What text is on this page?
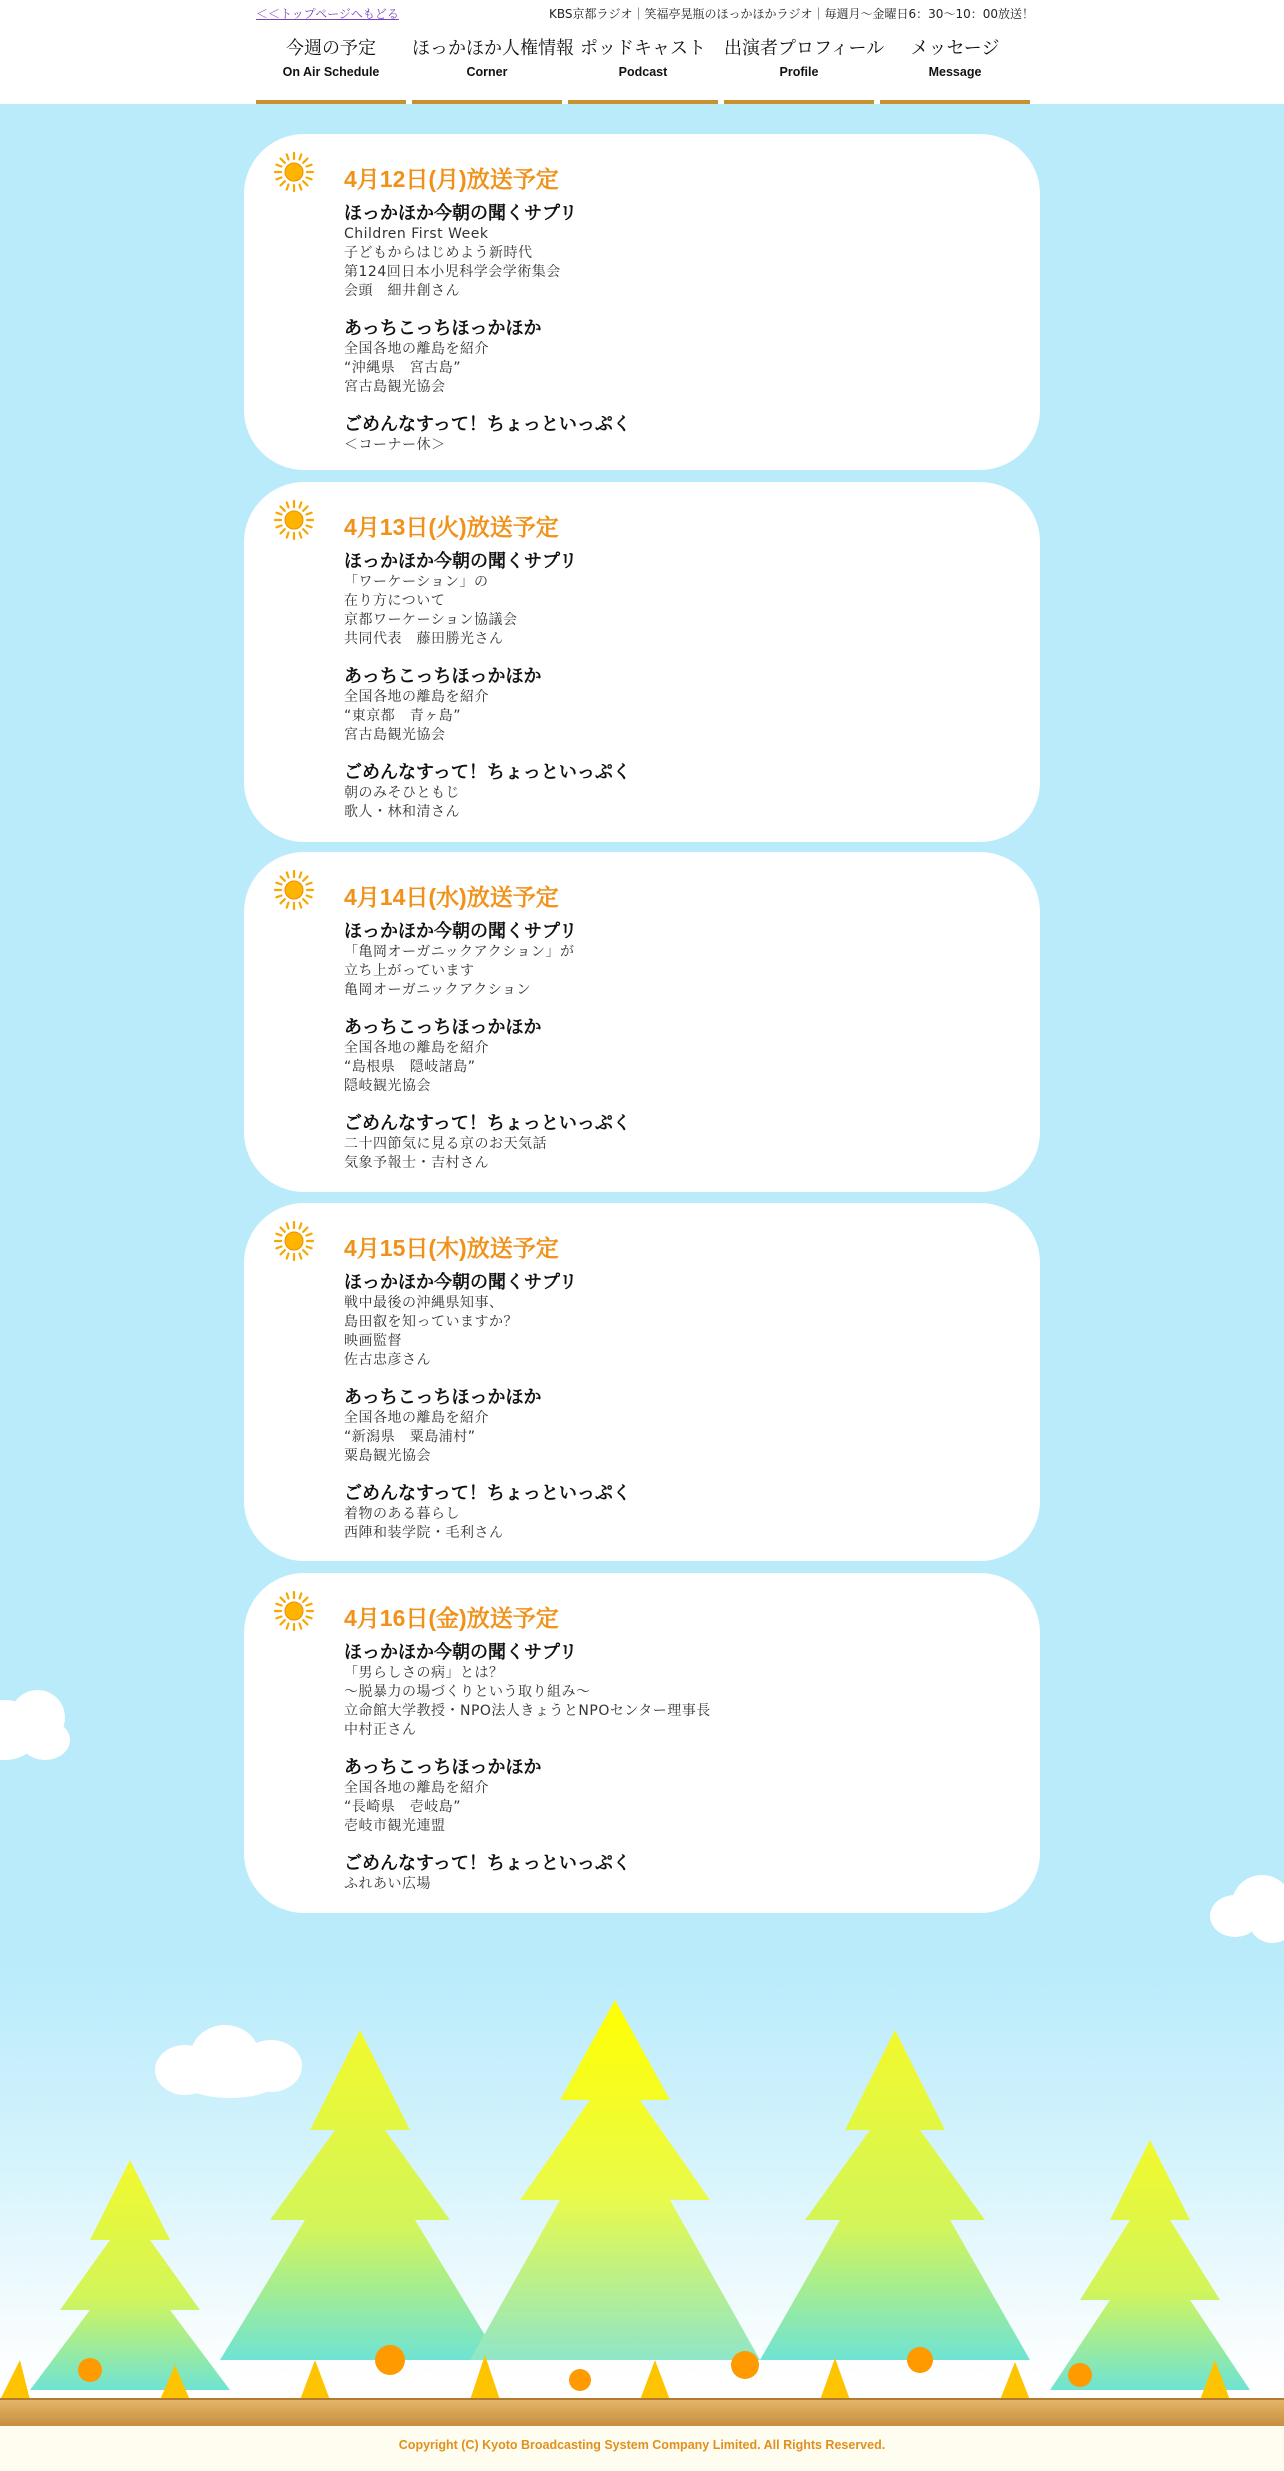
＜＜トップページへもどる	KBS京都ラジオ｜笑福亭晃瓶のほっかほかラジオ｜毎週月～金曜日6：30～10：00放送！
今週の予定
On Air Schedule
ほっかほか人権情報
Corner
ポッドキャスト
Podcast
出演者プロフィール
Profile
メッセージ
Message
4月12日(月)放送予定
ほっかほか今朝の聞くサプリ
Children First Week
子どもからはじめよう新時代
第124回日本小児科学会学術集会
会頭　細井創さん
あっちこっちほっかほか
全国各地の離島を紹介
“沖縄県　宮古島”
宮古島観光協会
ごめんなすって！ちょっといっぷく
＜コーナー休＞
4月13日(火)放送予定
ほっかほか今朝の聞くサプリ
「ワーケーション」の
在り方について
京都ワーケーション協議会
共同代表　藤田勝光さん
あっちこっちほっかほか
全国各地の離島を紹介
“東京都　青ヶ島”
宮古島観光協会
ごめんなすって！ちょっといっぷく
朝のみそひともじ
歌人・林和清さん
4月14日(水)放送予定
ほっかほか今朝の聞くサプリ
「亀岡オーガニックアクション」が
立ち上がっています
亀岡オーガニックアクション
あっちこっちほっかほか
全国各地の離島を紹介
“島根県　隠岐諸島”
隠岐観光協会
ごめんなすって！ちょっといっぷく
二十四節気に見る京のお天気話
気象予報士・吉村さん
4月15日(木)放送予定
ほっかほか今朝の聞くサプリ
戦中最後の沖縄県知事、
島田叡を知っていますか？
映画監督
佐古忠彦さん
あっちこっちほっかほか
全国各地の離島を紹介
“新潟県　粟島浦村”
粟島観光協会
ごめんなすって！ちょっといっぷく
着物のある暮らし
西陣和装学院・毛利さん
4月16日(金)放送予定
ほっかほか今朝の聞くサプリ
「男らしさの病」とは？
～脱暴力の場づくりという取り組み～
立命館大学教授・NPO法人きょうとNPOセンター理事長
中村正さん
あっちこっちほっかほか
全国各地の離島を紹介
“長崎県　壱岐島”
壱岐市観光連盟
ごめんなすって！ちょっといっぷく
ふれあい広場
Copyright (C) Kyoto Broadcasting System Company Limited. All Rights Reserved.
